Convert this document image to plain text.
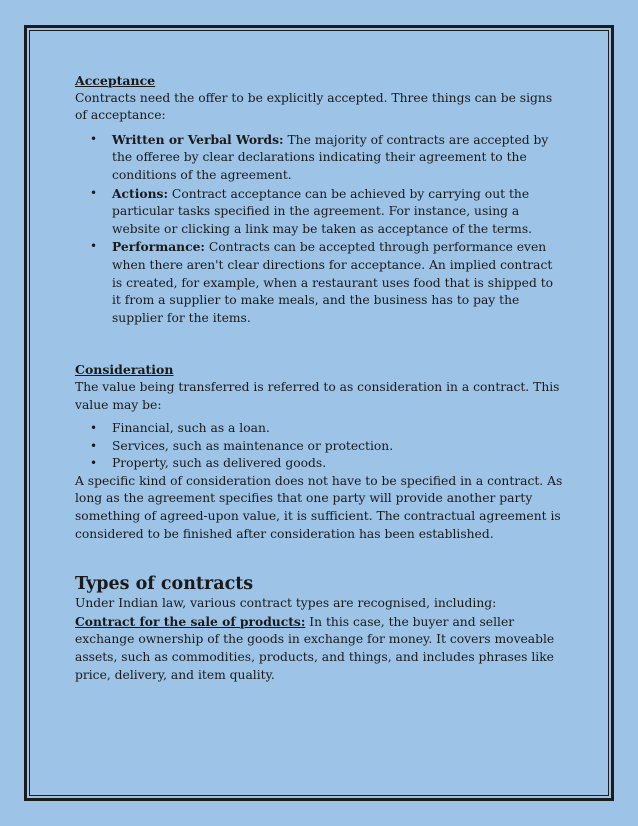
Acceptance

Contracts need the offer to be explicitly accepted. Three things can be signs of acceptance:

• Written or Verbal Words: The majority of contracts are accepted by the offeree by clear declarations indicating their agreement to the conditions of the agreement.
• Actions: Contract acceptance can be achieved by carrying out the particular tasks specified in the agreement. For instance, using a website or clicking a link may be taken as acceptance of the terms.
• Performance: Contracts can be accepted through performance even when there aren't clear directions for acceptance. An implied contract is created, for example, when a restaurant uses food that is shipped to it from a supplier to make meals, and the business has to pay the supplier for the items.
Consideration

The value being transferred is referred to as consideration in a contract. This value may be:

• Financial, such as a loan.
• Services, such as maintenance or protection.
• Property, such as delivered goods.

A specific kind of consideration does not have to be specified in a contract. As long as the agreement specifies that one party will provide another party something of agreed-upon value, it is sufficient. The contractual agreement is considered to be finished after consideration has been established.

Types of contracts

Under Indian law, various contract types are recognised, including:

Contract for the sale of products: In this case, the buyer and seller exchange ownership of the goods in exchange for money. It covers moveable assets, such as commodities, products, and things, and includes phrases like price, delivery, and item quality.
